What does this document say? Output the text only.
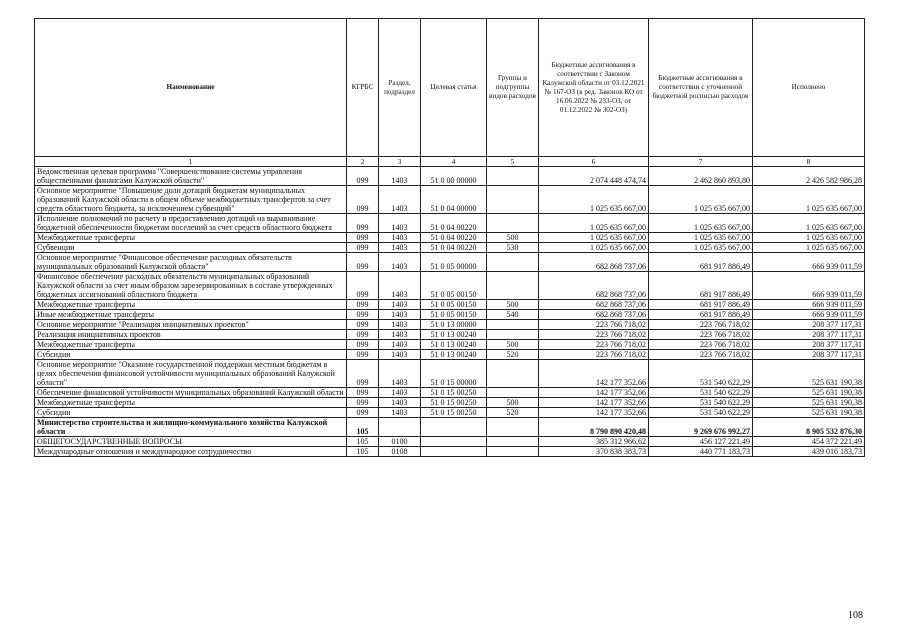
Наименование	КГРБС	Раздел, подраздел	Целевая статья	Группы и подгруппы видов расходов	Бюджетные ассигнования в соответствии с Законом Калужской области от 03.12.2021 № 167-ОЗ (в ред. Законов КО от 16.06.2022 № 233-ОЗ, от 01.12.2022 № 302-ОЗ)	Бюджетные ассигнования в соответствии с уточненной бюджетной росписью расходов	Исполнено
1	2	3	4	5	6	7	8
Ведомственная целевая программа "Совершенствование системы управления общественными финансами Калужской области"	099	1403	51 0 00 00000		2 074 448 474,74	2 462 860 893,80	2 426 582 986,28
Основное мероприятие "Повышение доли дотаций бюджетам муниципальных образований Калужской области в общем объеме межбюджетных трансфертов за счет средств областного бюджета, за исключением субвенций"	099	1403	51 0 04 00000		1 025 635 667,00	1 025 635 667,00	1 025 635 667,00
Исполнение полномочий по расчету и предоставлению дотаций на выравнивание бюджетной обеспеченности бюджетам поселений за счет средств областного бюджета	099	1403	51 0 04 00220		1 025 635 667,00	1 025 635 667,00	1 025 635 667,00
Межбюджетные трансферты	099	1403	51 0 04 00220	500	1 025 635 667,00	1 025 635 667,00	1 025 635 667,00
Субвенции	099	1403	51 0 04 00220	530	1 025 635 667,00	1 025 635 667,00	1 025 635 667,00
Основное мероприятие "Финансовое обеспечение расходных обязательств муниципальных образований Калужской области"	099	1403	51 0 05 00000		682 868 737,06	681 917 886,49	666 939 011,59
Финансовое обеспечение расходных обязательств муниципальных образований Калужской области за счет иным образом зарезервированных в составе утвержденных бюджетных ассигнований областного бюджета	099	1403	51 0 05 00150		682 868 737,06	681 917 886,49	666 939 011,59
Межбюджетные трансферты	099	1403	51 0 05 00150	500	682 868 737,06	681 917 886,49	666 939 011,59
Иные межбюджетные трансферты	099	1403	51 0 05 00150	540	682 868 737,06	681 917 886,49	666 939 011,59
Основное мероприятие "Реализация инициативных проектов"	099	1403	51 0 13 00000		223 766 718,02	223 766 718,02	208 377 117,31
Реализация инициативных проектов	099	1403	51 0 13 00240		223 766 718,02	223 766 718,02	208 377 117,31
Межбюджетные трансферты	099	1403	51 0 13 00240	500	223 766 718,02	223 766 718,02	208 377 117,31
Субсидии	099	1403	51 0 13 00240	520	223 766 718,02	223 766 718,02	208 377 117,31
Основное мероприятие "Оказание государственной поддержки местным бюджетам в целях обеспечения финансовой устойчивости муниципальных образований Калужской области"	099	1403	51 0 15 00000		142 177 352,66	531 540 622,29	525 631 190,38
Обеспечение финансовой устойчивости муниципальных образований Калужской области	099	1403	51 0 15 00250		142 177 352,66	531 540 622,29	525 631 190,38
Межбюджетные трансферты	099	1403	51 0 15 00250	500	142 177 352,66	531 540 622,29	525 631 190,38
Субсидии	099	1403	51 0 15 00250	520	142 177 352,66	531 540 622,29	525 631 190,38
Министерство строительства и жилищно-коммунального хозяйства Калужской области	105				8 790 890 420,48	9 269 676 992,27	8 905 532 876,30
ОБЩЕГОСУДАРСТВЕННЫЕ ВОПРОСЫ	105	0100			385 312 966,62	456 127 221,49	454 372 221,49
Международные отношения и международное сотрудничество	105	0108			370 838 383,73	440 771 183,73	439 016 183,73
108
